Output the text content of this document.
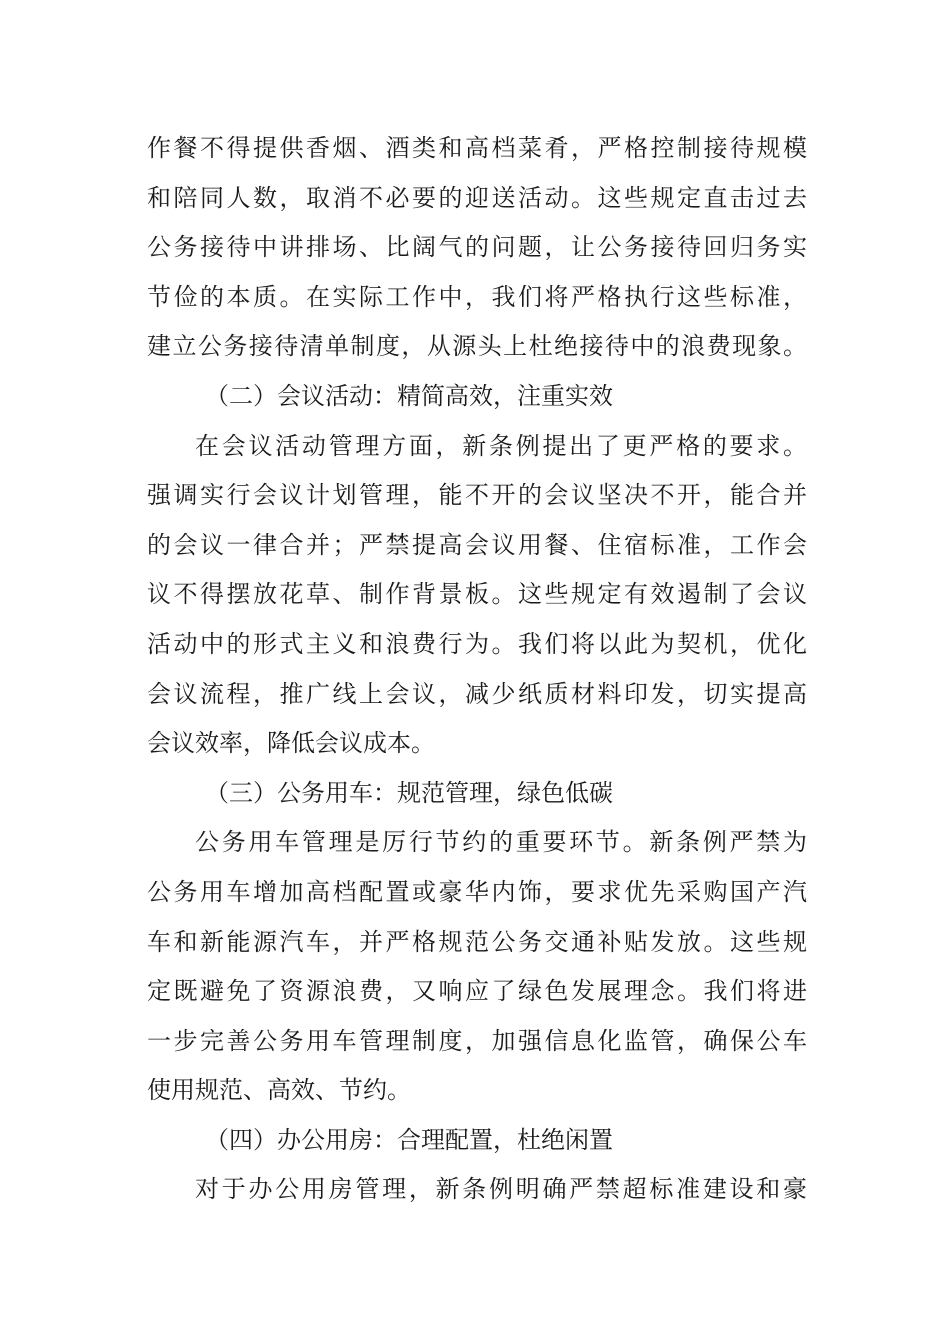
作餐不得提供香烟、酒类和高档菜肴，严格控制接待规模
和陪同人数，取消不必要的迎送活动。这些规定直击过去
公务接待中讲排场、比阔气的问题，让公务接待回归务实
节俭的本质。在实际工作中，我们将严格执行这些标准，
建立公务接待清单制度，从源头上杜绝接待中的浪费现象。
（二）会议活动：精简高效，注重实效
在会议活动管理方面，新条例提出了更严格的要求。
强调实行会议计划管理，能不开的会议坚决不开，能合并
的会议一律合并；严禁提高会议用餐、住宿标准，工作会
议不得摆放花草、制作背景板。这些规定有效遏制了会议
活动中的形式主义和浪费行为。我们将以此为契机，优化
会议流程，推广线上会议，减少纸质材料印发，切实提高
会议效率，降低会议成本。
（三）公务用车：规范管理，绿色低碳
公务用车管理是厉行节约的重要环节。新条例严禁为
公务用车增加高档配置或豪华内饰，要求优先采购国产汽
车和新能源汽车，并严格规范公务交通补贴发放。这些规
定既避免了资源浪费，又响应了绿色发展理念。我们将进
一步完善公务用车管理制度，加强信息化监管，确保公车
使用规范、高效、节约。
（四）办公用房：合理配置，杜绝闲置
对于办公用房管理，新条例明确严禁超标准建设和豪
